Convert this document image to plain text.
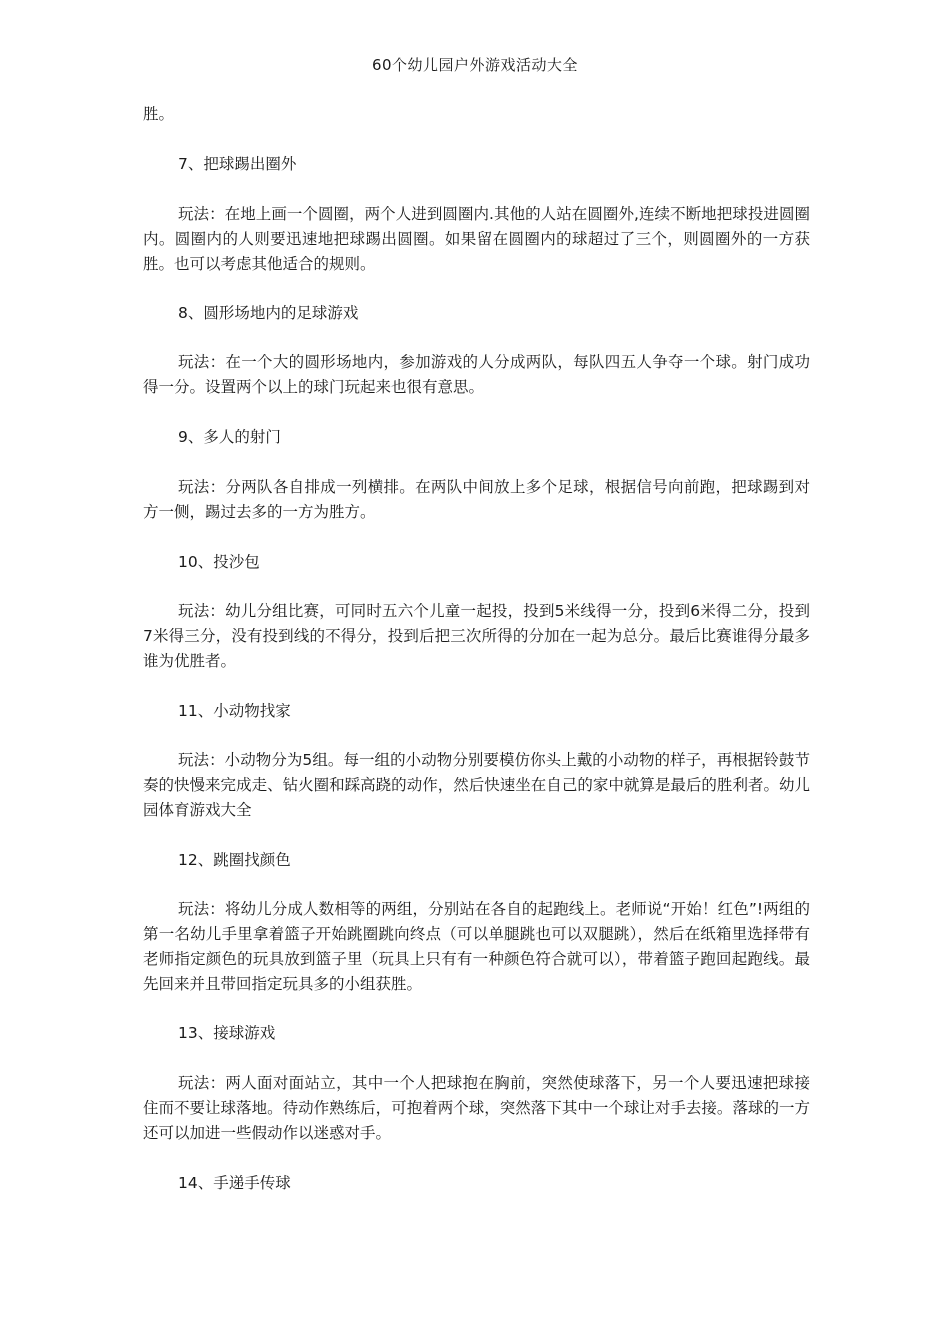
60个幼儿园户外游戏活动大全

胜。

7、把球踢出圈外

玩法：在地上画一个圆圈，两个人进到圆圈内.其他的人站在圆圈外,连续不断地把球投进圆圈内。圆圈内的人则要迅速地把球踢出圆圈。如果留在圆圈内的球超过了三个，则圆圈外的一方获胜。也可以考虑其他适合的规则。

8、圆形场地内的足球游戏

玩法：在一个大的圆形场地内，参加游戏的人分成两队，每队四五人争夺一个球。射门成功得一分。设置两个以上的球门玩起来也很有意思。

9、多人的射门

玩法：分两队各自排成一列横排。在两队中间放上多个足球，根据信号向前跑，把球踢到对方一侧，踢过去多的一方为胜方。

10、投沙包

玩法：幼儿分组比赛，可同时五六个儿童一起投，投到5米线得一分，投到6米得二分，投到7米得三分，没有投到线的不得分，投到后把三次所得的分加在一起为总分。最后比赛谁得分最多谁为优胜者。

11、小动物找家

玩法：小动物分为5组。每一组的小动物分别要模仿你头上戴的小动物的样子，再根据铃鼓节奏的快慢来完成走、钻火圈和踩高跷的动作，然后快速坐在自己的家中就算是最后的胜利者。幼儿园体育游戏大全

12、跳圈找颜色

玩法：将幼儿分成人数相等的两组，分别站在各自的起跑线上。老师说“开始！红色”!两组的第一名幼儿手里拿着篮子开始跳圈跳向终点（可以单腿跳也可以双腿跳），然后在纸箱里选择带有老师指定颜色的玩具放到篮子里（玩具上只有有一种颜色符合就可以），带着篮子跑回起跑线。最先回来并且带回指定玩具多的小组获胜。

13、接球游戏

玩法：两人面对面站立，其中一个人把球抱在胸前，突然使球落下，另一个人要迅速把球接住而不要让球落地。待动作熟练后，可抱着两个球，突然落下其中一个球让对手去接。落球的一方还可以加进一些假动作以迷惑对手。

14、手递手传球
